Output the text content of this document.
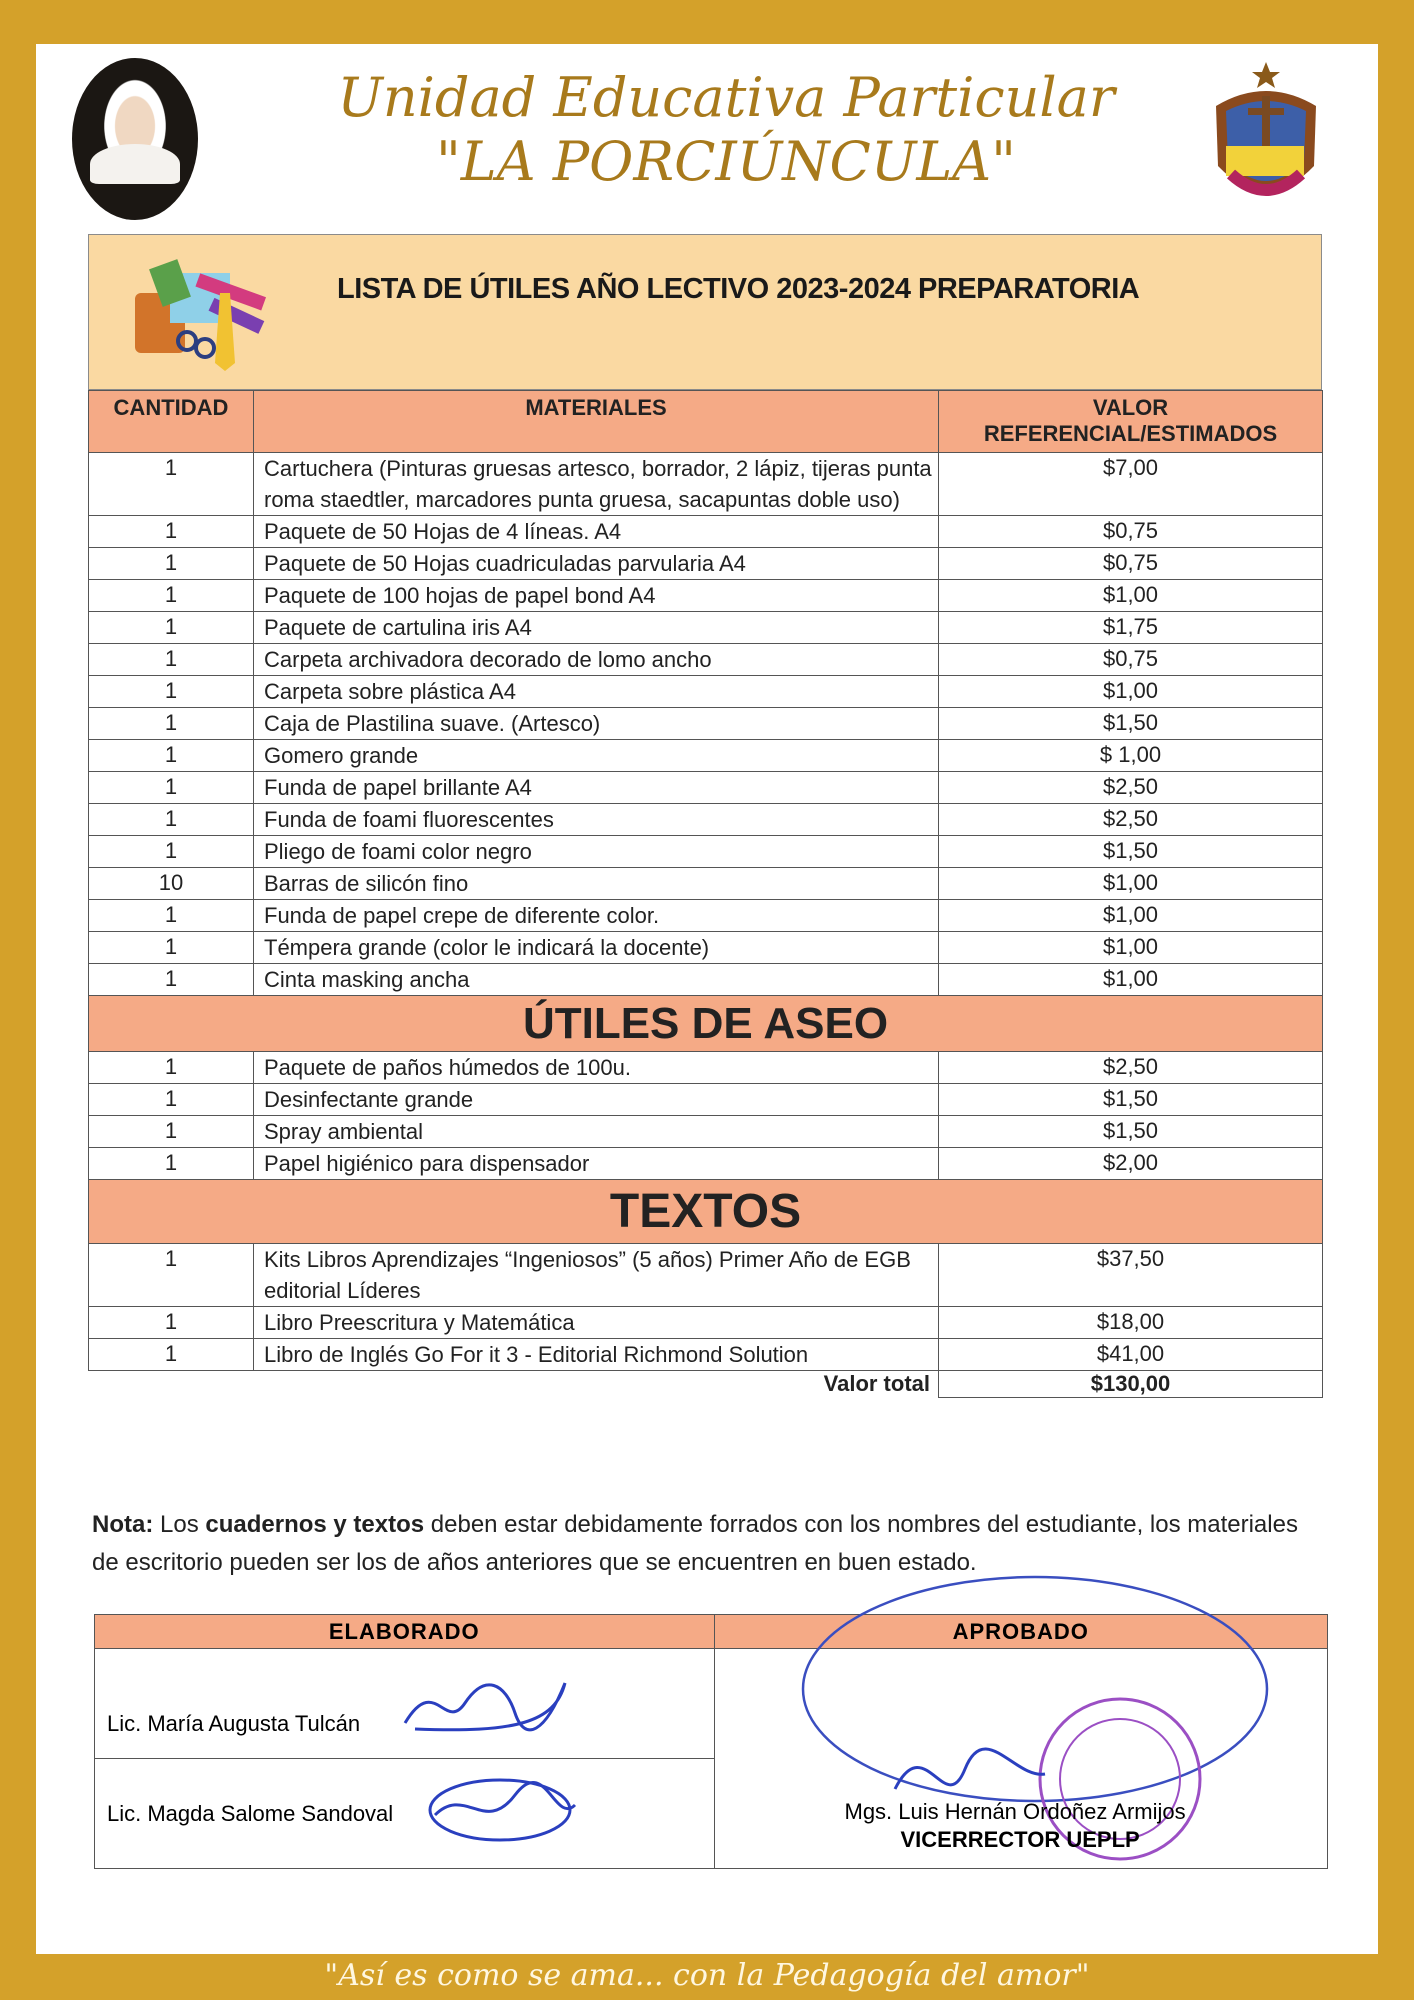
Unidad Educativa Particular
"LA PORCIÚNCULA"
LISTA DE ÚTILES AÑO LECTIVO 2023-2024 PREPARATORIA
CANTIDAD	MATERIALES	VALOR
REFERENCIAL/ESTIMADOS

1	Cartuchera (Pinturas gruesas artesco, borrador, 2 lápiz, tijeras punta roma staedtler, marcadores punta gruesa, sacapuntas doble uso)	$7,00
1	Paquete de 50 Hojas de 4 líneas. A4	$0,75
1	Paquete de 50 Hojas cuadriculadas parvularia A4	$0,75
1	Paquete de 100 hojas de papel bond A4	$1,00
1	Paquete de cartulina iris A4	$1,75
1	Carpeta archivadora decorado de lomo ancho	$0,75
1	Carpeta sobre plástica A4	$1,00
1	Caja de Plastilina suave. (Artesco)	$1,50
1	Gomero grande	$ 1,00
1	Funda de papel brillante A4	$2,50
1	Funda de foami fluorescentes	$2,50
1	Pliego de foami color negro	$1,50
10	Barras de silicón fino	$1,00
1	Funda de papel crepe de diferente color.	$1,00
1	Témpera grande (color le indicará la docente)	$1,00
1	Cinta masking ancha	$1,00
ÚTILES DE ASEO		
1	Paquete de paños húmedos de 100u.	$2,50
1	Desinfectante grande	$1,50
1	Spray ambiental	$1,50
1	Papel higiénico para dispensador	$2,00
TEXTOS		
1	Kits Libros Aprendizajes “Ingeniosos” (5 años) Primer Año de EGB editorial Líderes	$37,50
1	Libro Preescritura y Matemática	$18,00
1	Libro de Inglés Go For it 3 - Editorial Richmond Solution	$41,00
	Valor total	$130,00
Nota: Los cuadernos y textos deben estar debidamente forrados con los nombres del estudiante, los materiales de escritorio pueden ser los de años anteriores que se encuentren en buen estado.
ELABORADO	APROBADO
Lic. María Augusta Tulcán	Mgs. Luis Hernán Ordoñez Armijos
VICERRECTOR UEPLP

Lic. Magda Salome Sandoval	
"Así es como se ama... con la Pedagogía del amor"
